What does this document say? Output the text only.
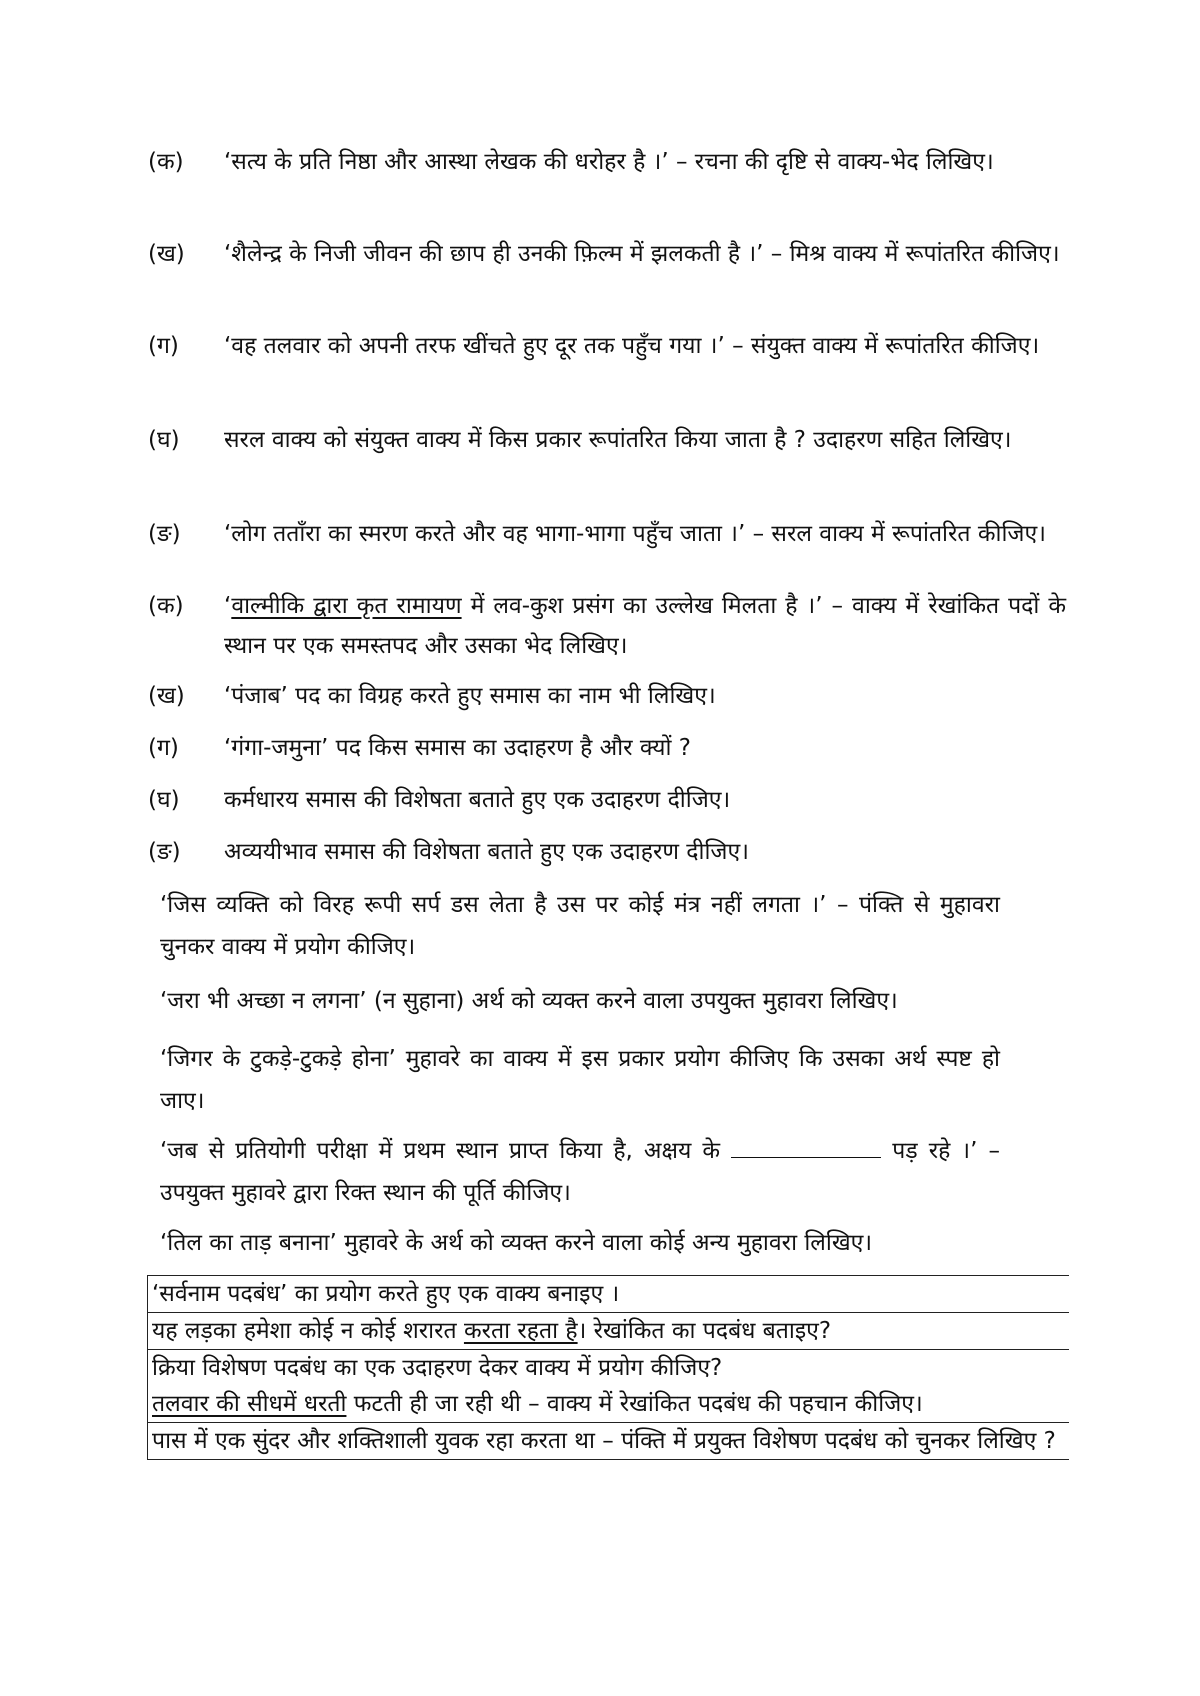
(क)	‘सत्य के प्रति निष्ठा और आस्था लेखक की धरोहर है ।’ – रचना की दृष्टि से वाक्य-भेद लिखिए।
(ख)	‘शैलेन्द्र के निजी जीवन की छाप ही उनकी फ़िल्म में झलकती है ।’ – मिश्र वाक्य में रूपांतरित कीजिए।
(ग)	‘वह तलवार को अपनी तरफ खींचते हुए दूर तक पहुँच गया ।’ – संयुक्त वाक्य में रूपांतरित कीजिए।
(घ)	सरल वाक्य को संयुक्त वाक्य में किस प्रकार रूपांतरित किया जाता है ? उदाहरण सहित लिखिए।
(ङ)	‘लोग तताँरा का स्मरण करते और वह भागा-भागा पहुँच जाता ।’ – सरल वाक्य में रूपांतरित कीजिए।
(क)	‘वाल्मीकि द्वारा कृत रामायण में लव-कुश प्रसंग का उल्लेख मिलता है ।’ – वाक्य में रेखांकित पदों के स्थान पर एक समस्तपद और उसका भेद लिखिए।
(ख)	‘पंजाब’ पद का विग्रह करते हुए समास का नाम भी लिखिए।
(ग)	‘गंगा-जमुना’ पद किस समास का उदाहरण है और क्यों ?
(घ)	कर्मधारय समास की विशेषता बताते हुए एक उदाहरण दीजिए।
(ङ)	अव्ययीभाव समास की विशेषता बताते हुए एक उदाहरण दीजिए।
‘जिस व्यक्ति को विरह रूपी सर्प डस लेता है उस पर कोई मंत्र नहीं लगता ।’ – पंक्ति से मुहावरा चुनकर वाक्य में प्रयोग कीजिए।
‘जरा भी अच्छा न लगना’ (न सुहाना) अर्थ को व्यक्त करने वाला उपयुक्त मुहावरा लिखिए।
‘जिगर के टुकड़े-टुकड़े होना’ मुहावरे का वाक्य में इस प्रकार प्रयोग कीजिए कि उसका अर्थ स्पष्ट हो जाए।
‘जब से प्रतियोगी परीक्षा में प्रथम स्थान प्राप्त किया है, अक्षय के	पड़ रहे ।’ – उपयुक्त मुहावरे द्वारा रिक्त स्थान की पूर्ति कीजिए।
‘तिल का ताड़ बनाना’ मुहावरे के अर्थ को व्यक्त करने वाला कोई अन्य मुहावरा लिखिए।
‘सर्वनाम पदबंध’ का प्रयोग करते हुए एक वाक्य बनाइए ।
यह लड़का हमेशा कोई न कोई शरारत करता रहता है। रेखांकित का पदबंध बताइए?
क्रिया विशेषण पदबंध का एक उदाहरण देकर वाक्य में प्रयोग कीजिए?
तलवार की सीधमें धरती फटती ही जा रही थी – वाक्य में रेखांकित पदबंध की पहचान कीजिए।
पास में एक सुंदर और शक्तिशाली युवक रहा करता था – पंक्ति में प्रयुक्त विशेषण पदबंध को चुनकर लिखिए ?
